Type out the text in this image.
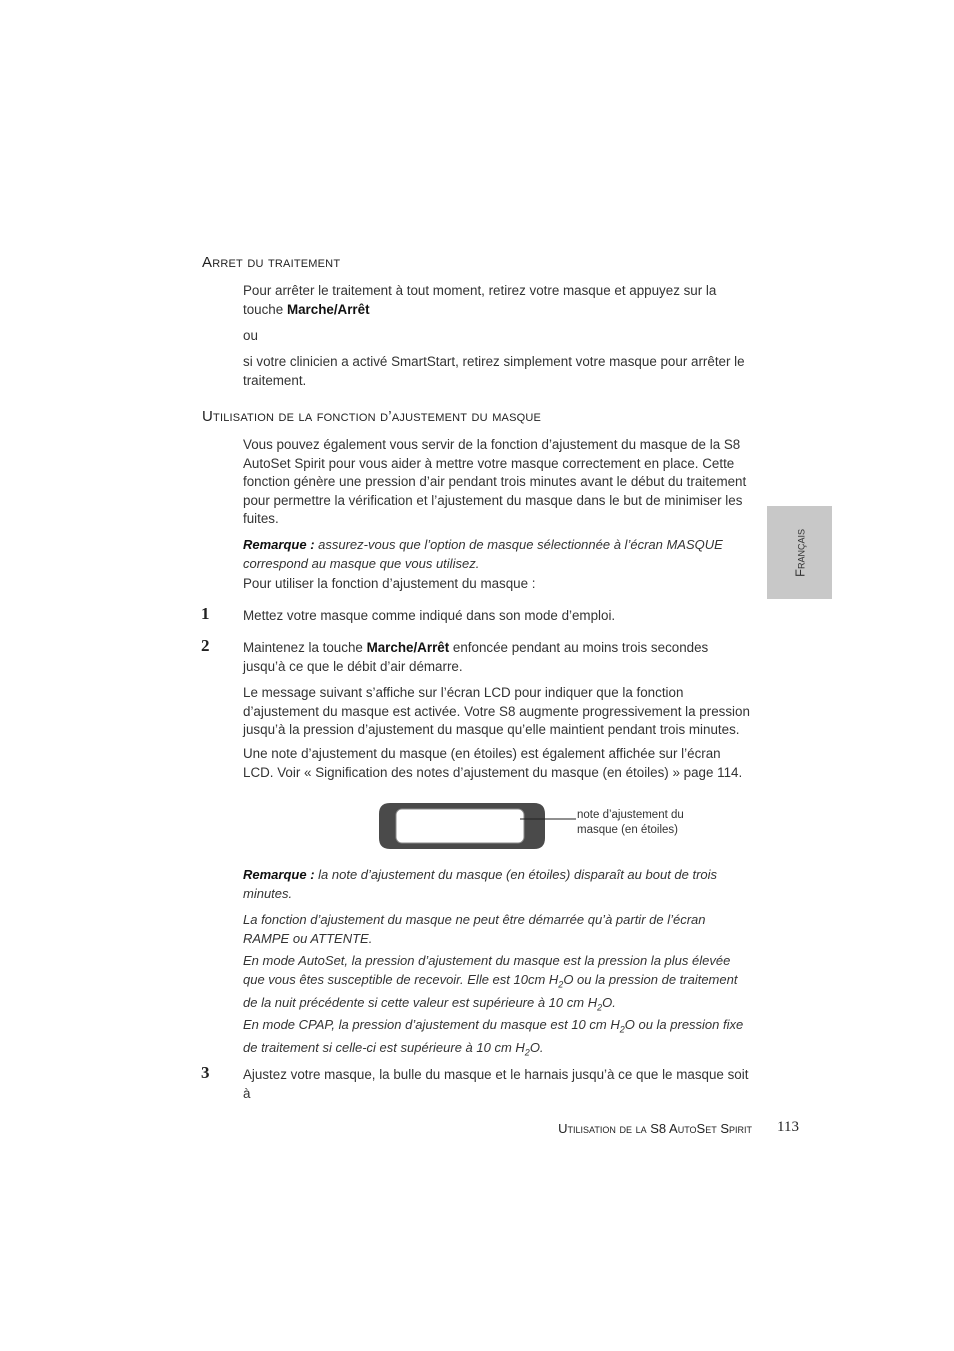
Arret du traitement
Pour arrêter le traitement à tout moment, retirez votre masque et appuyez sur la touche Marche/Arrêt
ou
si votre clinicien a activé SmartStart, retirez simplement votre masque pour arrêter le traitement.
Utilisation de la fonction d’ajustement du masque
Vous pouvez également vous servir de la fonction d’ajustement du masque de la S8 AutoSet Spirit pour vous aider à mettre votre masque correctement en place. Cette fonction génère une pression d’air pendant trois minutes avant le début du traitement pour permettre la vérification et l’ajustement du masque dans le but de minimiser les fuites.
Remarque : assurez-vous que l’option de masque sélectionnée à l’écran MASQUE correspond au masque que vous utilisez.
Pour utiliser la fonction d’ajustement du masque :
1	Mettez votre masque comme indiqué dans son mode d’emploi.
2	Maintenez la touche Marche/Arrêt enfoncée pendant au moins trois secondes jusqu’à ce que le débit d’air démarre.
Le message suivant s’affiche sur l’écran LCD pour indiquer que la fonction d’ajustement du masque est activée. Votre S8 augmente progressivement la pression jusqu’à la pression d’ajustement du masque qu’elle maintient pendant trois minutes.
Une note d’ajustement du masque (en étoiles) est également affichée sur l’écran LCD. Voir « Signification des notes d’ajustement du masque (en étoiles) » page 114.
note d’ajustement du masque (en étoiles)
Remarque : la note d’ajustement du masque (en étoiles) disparaît au bout de trois minutes.
La fonction d’ajustement du masque ne peut être démarrée qu’à partir de l’écran RAMPE ou ATTENTE.
En mode AutoSet, la pression d’ajustement du masque est la pression la plus élevée que vous êtes susceptible de recevoir. Elle est 10cm $H_2O$ ou la pression de traitement de la nuit précédente si cette valeur est supérieure à 10 cm $H_2O$.
En mode CPAP, la pression d’ajustement du masque est 10 cm $H_2O$ ou la pression fixe de traitement si celle-ci est supérieure à 10 cm $H_2O$.
3	Ajustez votre masque, la bulle du masque et le harnais jusqu’à ce que le masque soit à
Français
Utilisation de la S8 AutoSet Spirit 113
